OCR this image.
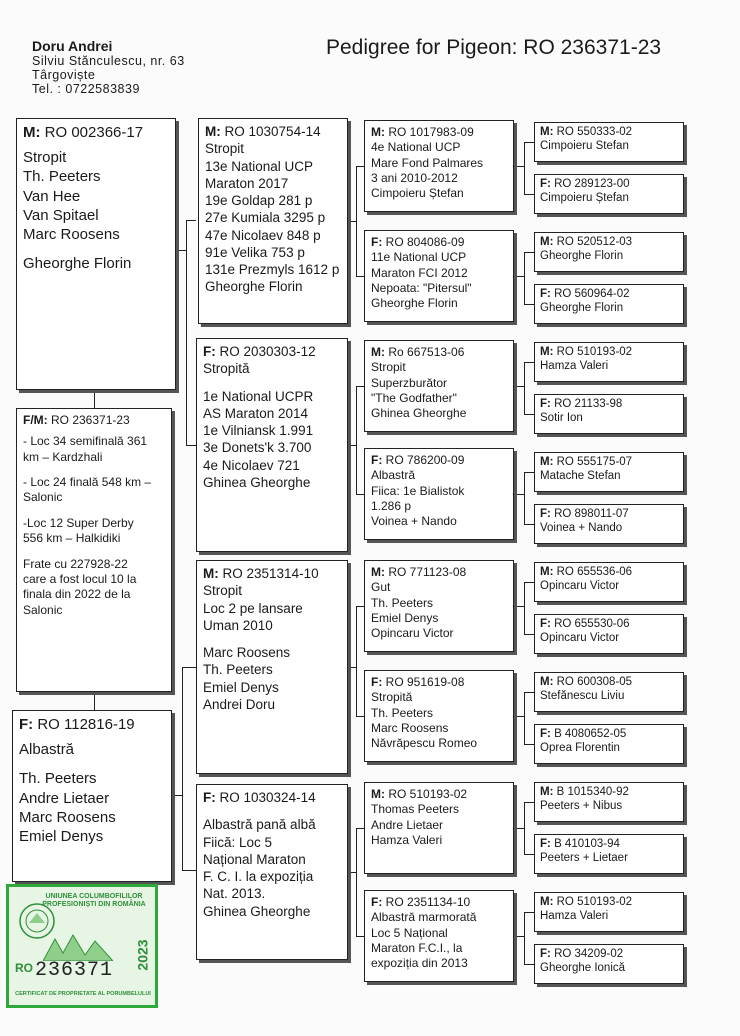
Doru Andrei
Silviu Stănculescu, nr. 63
Târgoviște
Tel. : 0722583839
Pedigree for Pigeon: RO 236371-23
M: RO 002366-17
Stropit
Th. Peeters
Van Hee
Van Spitael
Marc Roosens
Gheorghe Florin
F/M: RO 236371-23
- Loc 34 semifinală 361
km – Kardzhali
- Loc 24 finală 548 km –
Salonic
-Loc 12 Super Derby
556 km – Halkidiki
Frate cu 227928-22
care a fost locul 10 la
finala din 2022 de la
Salonic
F: RO 112816-19
Albastră
Th. Peeters
Andre Lietaer
Marc Roosens
Emiel Denys
M: RO 1030754-14
Stropit
13e National UCP
Maraton 2017
19e Goldap 281 p
27e Kumiala 3295 p
47e Nicolaev 848 p
91e Velika 753 p
131e Prezmyls 1612 p
Gheorghe Florin
F: RO 2030303-12
Stropită
1e National UCPR
AS Maraton 2014
1e Vilniansk 1.991
3e Donets'k 3.700
4e Nicolaev 721
Ghinea Gheorghe
M: RO 2351314-10
Stropit
Loc 2 pe lansare
Uman 2010
Marc Roosens
Th. Peeters
Emiel Denys
Andrei Doru
F: RO 1030324-14
Albastră pană albă
Fiică: Loc 5
Național Maraton
F. C. I. la expoziția
Nat. 2013.
Ghinea Gheorghe
M: RO 1017983-09
4e National UCP
Mare Fond Palmares
3 ani 2010-2012
Cimpoieru Ștefan
F: RO 804086-09
11e National UCP
Maraton FCI 2012
Nepoata: "Pitersul"
Gheorghe Florin
M: Ro 667513-06
Stropit
Superzburător
"The Godfather"
Ghinea Gheorghe
F: RO 786200-09
Albastră
Fiica: 1e Bialistok
1.286 p
Voinea + Nando
M: RO 771123-08
Gut
Th. Peeters
Emiel Denys
Opincaru Victor
F: RO 951619-08
Stropită
Th. Peeters
Marc Roosens
Năvrăpescu Romeo
M: RO 510193-02
Thomas Peeters
Andre Lietaer
Hamza Valeri
F: RO 2351134-10
Albastră marmorată
Loc 5 Național
Maraton F.C.I., la
expoziția din 2013
M: RO 550333-02
Cimpoieru Stefan
F: RO 289123-00
Cimpoieru Ștefan
M: RO 520512-03
Gheorghe Florin
F: RO 560964-02
Gheorghe Florin
M: RO 510193-02
Hamza Valeri
F: RO 21133-98
Sotir Ion
M: RO 555175-07
Matache Stefan
F: RO 898011-07
Voinea + Nando
M: RO 655536-06
Opincaru Victor
F: RO 655530-06
Opincaru Victor
M: RO 600308-05
Stefănescu Liviu
F: B 4080652-05
Oprea Florentin
M: B 1015340-92
Peeters + Nibus
F: B 410103-94
Peeters + Lietaer
M: RO 510193-02
Hamza Valeri
F: RO 34209-02
Gheorghe Ionică
UNIUNEA COLUMBOFILILOR PROFESIONIȘTI DIN ROMÂNIA
RO 236371 2023
CERTIFICAT DE PROPRIETATE AL PORUMBELULUI
